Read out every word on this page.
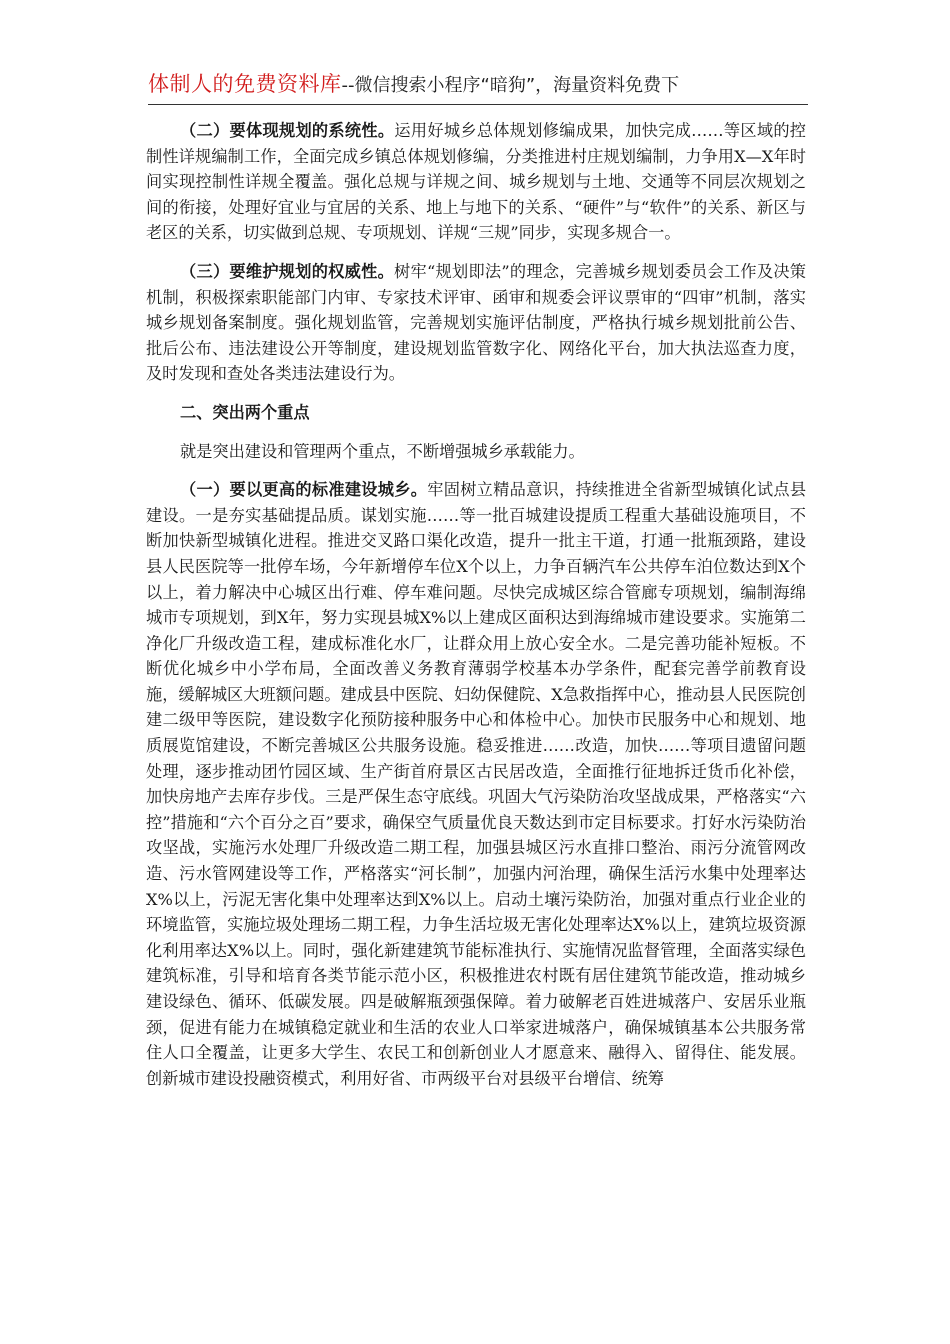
体制人的免费资料库--微信搜索小程序“暗狗”，海量资料免费下

（二）要体现规划的系统性。运用好城乡总体规划修编成果，加快完成……等区域的控制性详规编制工作，全面完成乡镇总体规划修编，分类推进村庄规划编制，力争用X—X年时间实现控制性详规全覆盖。强化总规与详规之间、城乡规划与土地、交通等不同层次规划之间的衔接，处理好宜业与宜居的关系、地上与地下的关系、“硬件”与“软件”的关系、新区与老区的关系，切实做到总规、专项规划、详规“三规”同步，实现多规合一。

（三）要维护规划的权威性。树牢“规划即法”的理念，完善城乡规划委员会工作及决策机制，积极探索职能部门内审、专家技术评审、函审和规委会评议票审的“四审”机制，落实城乡规划备案制度。强化规划监管，完善规划实施评估制度，严格执行城乡规划批前公告、批后公布、违法建设公开等制度，建设规划监管数字化、网络化平台，加大执法巡查力度，及时发现和查处各类违法建设行为。

二、突出两个重点

就是突出建设和管理两个重点，不断增强城乡承载能力。

（一）要以更高的标准建设城乡。牢固树立精品意识，持续推进全省新型城镇化试点县建设。一是夯实基础提品质。谋划实施……等一批百城建设提质工程重大基础设施项目，不断加快新型城镇化进程。推进交叉路口渠化改造，提升一批主干道，打通一批瓶颈路，建设县人民医院等一批停车场，今年新增停车位X个以上，力争百辆汽车公共停车泊位数达到X个以上，着力解决中心城区出行难、停车难问题。尽快完成城区综合管廊专项规划，编制海绵城市专项规划，到X年，努力实现县城X%以上建成区面积达到海绵城市建设要求。实施第二净化厂升级改造工程，建成标准化水厂，让群众用上放心安全水。二是完善功能补短板。不断优化城乡中小学布局，全面改善义务教育薄弱学校基本办学条件，配套完善学前教育设施，缓解城区大班额问题。建成县中医院、妇幼保健院、X急救指挥中心，推动县人民医院创建二级甲等医院，建设数字化预防接种服务中心和体检中心。加快市民服务中心和规划、地质展览馆建设，不断完善城区公共服务设施。稳妥推进……改造，加快……等项目遗留问题处理，逐步推动团竹园区域、生产街首府景区古民居改造，全面推行征地拆迁货币化补偿，加快房地产去库存步伐。三是严保生态守底线。巩固大气污染防治攻坚战成果，严格落实“六控”措施和“六个百分之百”要求，确保空气质量优良天数达到市定目标要求。打好水污染防治攻坚战，实施污水处理厂升级改造二期工程，加强县城区污水直排口整治、雨污分流管网改造、污水管网建设等工作，严格落实“河长制”，加强内河治理，确保生活污水集中处理率达X%以上，污泥无害化集中处理率达到X%以上。启动土壤污染防治，加强对重点行业企业的环境监管，实施垃圾处理场二期工程，力争生活垃圾无害化处理率达X%以上，建筑垃圾资源化利用率达X%以上。同时，强化新建建筑节能标准执行、实施情况监督管理，全面落实绿色建筑标准，引导和培育各类节能示范小区，积极推进农村既有居住建筑节能改造，推动城乡建设绿色、循环、低碳发展。四是破解瓶颈强保障。着力破解老百姓进城落户、安居乐业瓶颈，促进有能力在城镇稳定就业和生活的农业人口举家进城落户，确保城镇基本公共服务常住人口全覆盖，让更多大学生、农民工和创新创业人才愿意来、融得入、留得住、能发展。创新城市建设投融资模式，利用好省、市两级平台对县级平台增信、统筹
